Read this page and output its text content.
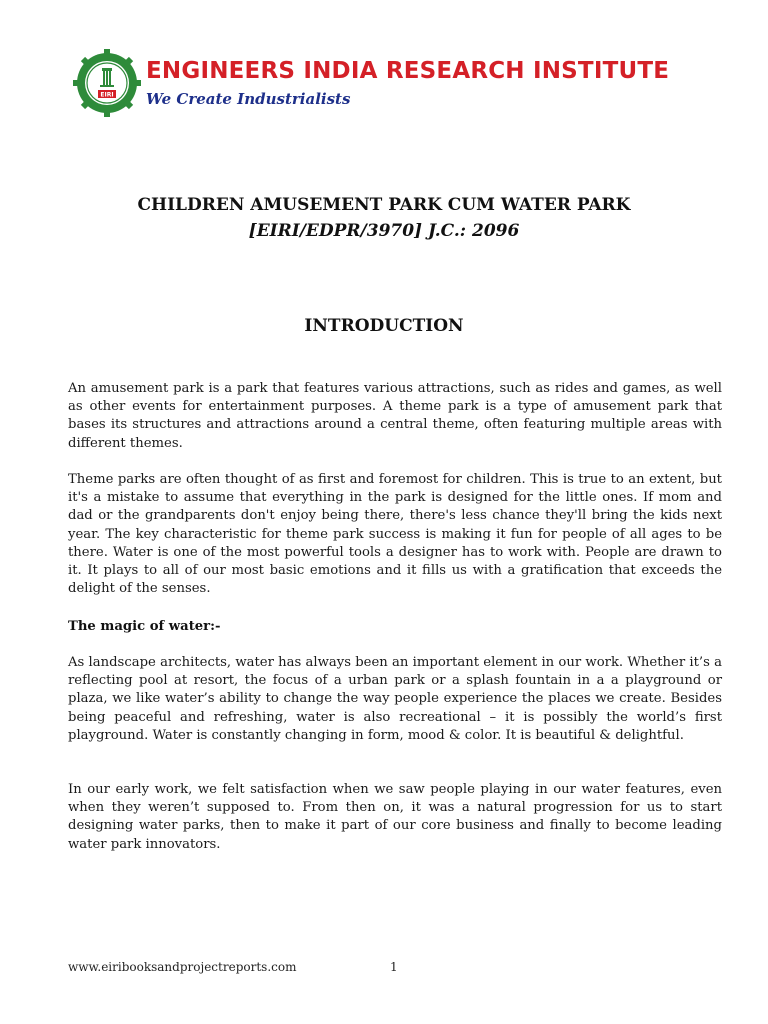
EIRI
ENGINEERS INDIA RESEARCH INSTITUTE
We Create Industrialists
CHILDREN AMUSEMENT PARK CUM WATER PARK
[EIRI/EDPR/3970] J.C.: 2096
INTRODUCTION

An amusement park is a park that features various attractions, such as rides and games, as well as other events for entertainment purposes. A theme park is a type of amusement park that bases its structures and attractions around a central theme, often featuring multiple areas with different themes.

Theme parks are often thought of as first and foremost for children. This is true to an extent, but it's a mistake to assume that everything in the park is designed for the little ones. If mom and dad or the grandparents don't enjoy being there, there's less chance they'll bring the kids next year. The key characteristic for theme park success is making it fun for people of all ages to be there. Water is one of the most powerful tools a designer has to work with. People are drawn to it. It plays to all of our most basic emotions and it fills us with a gratification that exceeds the delight of the senses.

The magic of water:-

As landscape architects, water has always been an important element in our work. Whether it’s a reflecting pool at resort, the focus of a urban park or a splash fountain in a a playground or plaza, we like water’s ability to change the way people experience the places we create. Besides being peaceful and refreshing, water is also recreational – it is possibly the world’s first playground. Water is constantly changing in form, mood & color. It is beautiful & delightful.

In our early work, we felt satisfaction when we saw people playing in our water features, even when they weren’t supposed to. From then on, it was a natural progression for us to start designing water parks, then to make it part of our core business and finally to become leading water park innovators.

www.eiribooksandprojectreports.com	1
